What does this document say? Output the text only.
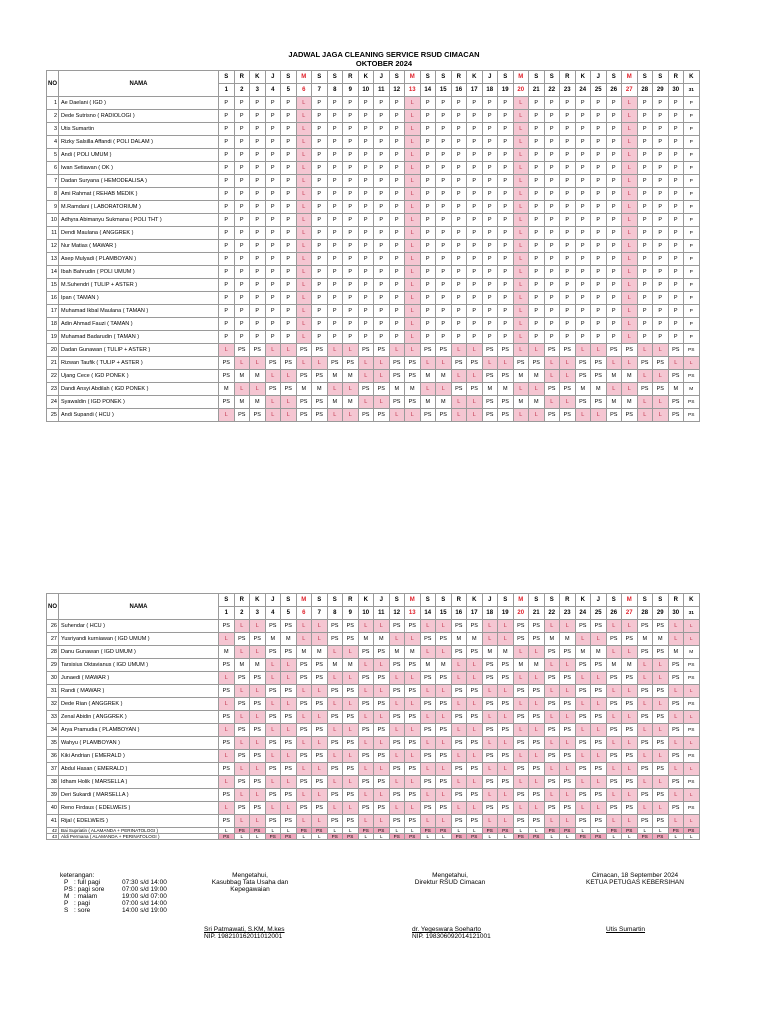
JADWAL JAGA CLEANING SERVICE RSUD CIMACAN
OKTOBER 2024
NO	NAMA	S	R	K	J	S	M	S	S	R	K	J	S	M	S	S	R	K	J	S	M	S	S	R	K	J	S	M	S	S	R	K
		1	2	3	4	5	6	7	8	9	10	11	12	13	14	15	16	17	18	19	20	21	22	23	24	25	26	27	28	29	30	31
1	Ae Daelani ( IGD )	P	P	P	P	P	L	P	P	P	P	P	P	L	P	P	P	P	P	P	L	P	P	P	P	P	P	L	P	P	P	P
2	Dede Sutrisno ( RADIOLOGI )	P	P	P	P	P	L	P	P	P	P	P	P	L	P	P	P	P	P	P	L	P	P	P	P	P	P	L	P	P	P	P
3	Utis Sumartin	P	P	P	P	P	L	P	P	P	P	P	P	L	P	P	P	P	P	P	L	P	P	P	P	P	P	L	P	P	P	P
4	Rizky Salsilla Affandi ( POLI DALAM )	P	P	P	P	P	L	P	P	P	P	P	P	L	P	P	P	P	P	P	L	P	P	P	P	P	P	L	P	P	P	P
5	Andi ( POLI UMUM )	P	P	P	P	P	L	P	P	P	P	P	P	L	P	P	P	P	P	P	L	P	P	P	P	P	P	L	P	P	P	P
6	Iwan Setiawan ( OK )	P	P	P	P	P	L	P	P	P	P	P	P	L	P	P	P	P	P	P	L	P	P	P	P	P	P	L	P	P	P	P
7	Dadan Suryana ( HEMODEALISA )	P	P	P	P	P	L	P	P	P	P	P	P	L	P	P	P	P	P	P	L	P	P	P	P	P	P	L	P	P	P	P
8	Ami Rahmat ( REHAB MEDIK )	P	P	P	P	P	L	P	P	P	P	P	P	L	P	P	P	P	P	P	L	P	P	P	P	P	P	L	P	P	P	P
9	M.Ramdani ( LABORATORIUM )	P	P	P	P	P	L	P	P	P	P	P	P	L	P	P	P	P	P	P	L	P	P	P	P	P	P	L	P	P	P	P
10	Adhyra Abimanyu Sukmana ( POLI THT )	P	P	P	P	P	L	P	P	P	P	P	P	L	P	P	P	P	P	P	L	P	P	P	P	P	P	L	P	P	P	P
11	Dendi Maulana ( ANGGREK )	P	P	P	P	P	L	P	P	P	P	P	P	L	P	P	P	P	P	P	L	P	P	P	P	P	P	L	P	P	P	P
12	Nur Matias ( MAWAR )	P	P	P	P	P	L	P	P	P	P	P	P	L	P	P	P	P	P	P	L	P	P	P	P	P	P	L	P	P	P	P
13	Asep Mulyadi ( PLAMBOYAN )	P	P	P	P	P	L	P	P	P	P	P	P	L	P	P	P	P	P	P	L	P	P	P	P	P	P	L	P	P	P	P
14	Ibah Bahrudin ( POLI UMUM )	P	P	P	P	P	L	P	P	P	P	P	P	L	P	P	P	P	P	P	L	P	P	P	P	P	P	L	P	P	P	P
15	M.Suhendri ( TULIP + ASTER )	P	P	P	P	P	L	P	P	P	P	P	P	L	P	P	P	P	P	P	L	P	P	P	P	P	P	L	P	P	P	P
16	Ipan ( TAMAN )	P	P	P	P	P	L	P	P	P	P	P	P	L	P	P	P	P	P	P	L	P	P	P	P	P	P	L	P	P	P	P
17	Muhamad Ikbal Maulana ( TAMAN )	P	P	P	P	P	L	P	P	P	P	P	P	L	P	P	P	P	P	P	L	P	P	P	P	P	P	L	P	P	P	P
18	Adin Ahmad Fauzi ( TAMAN )	P	P	P	P	P	L	P	P	P	P	P	P	L	P	P	P	P	P	P	L	P	P	P	P	P	P	L	P	P	P	P
19	Muhamad Badarudin ( TAMAN )	P	P	P	P	P	L	P	P	P	P	P	P	L	P	P	P	P	P	P	L	P	P	P	P	P	P	L	P	P	P	P
20	Dadan Gunawan ( TULIP + ASTER )	L	PS	PS	L	L	PS	PS	L	L	PS	PS	L	L	PS	PS	L	L	PS	PS	L	L	PS	PS	L	L	PS	PS	L	L	PS	PS
21	Rizwan Taufik ( TULIP + ASTER )	PS	L	L	PS	PS	L	L	PS	PS	L	L	PS	PS	L	L	PS	PS	L	L	PS	PS	L	L	PS	PS	L	L	PS	PS	L	L
22	Ujang Cece ( IGD PONEK )	PS	M	M	L	L	PS	PS	M	M	L	L	PS	PS	M	M	L	L	PS	PS	M	M	L	L	PS	PS	M	M	L	L	PS	PS
23	Dandi Ansyi Abdilah ( IGD PONEK )	M	L	L	PS	PS	M	M	L	L	PS	PS	M	M	L	L	PS	PS	M	M	L	L	PS	PS	M	M	L	L	PS	PS	M	M
24	Syawaldin ( IGD PONEK )	PS	M	M	L	L	PS	PS	M	M	L	L	PS	PS	M	M	L	L	PS	PS	M	M	L	L	PS	PS	M	M	L	L	PS	PS
25	Andi Supandi ( HCU )	L	PS	PS	L	L	PS	PS	L	L	PS	PS	L	L	PS	PS	L	L	PS	PS	L	L	PS	PS	L	L	PS	PS	L	L	PS	PS
NO	NAMA	S	R	K	J	S	M	S	S	R	K	J	S	M	S	S	R	K	J	S	M	S	S	R	K	J	S	M	S	S	R	K
		1	2	3	4	5	6	7	8	9	10	11	12	13	14	15	16	17	18	19	20	21	22	23	24	25	26	27	28	29	30	31
26	Suhendar ( HCU )	PS	L	L	PS	PS	L	L	PS	PS	L	L	PS	PS	L	L	PS	PS	L	L	PS	PS	L	L	PS	PS	L	L	PS	PS	L	L
27	Yusriyandi kurniawan ( IGD UMUM )	L	PS	PS	M	M	L	L	PS	PS	M	M	L	L	PS	PS	M	M	L	L	PS	PS	M	M	L	L	PS	PS	M	M	L	L
28	Danu Gunawan ( IGD UMUM )	M	L	L	PS	PS	M	M	L	L	PS	PS	M	M	L	L	PS	PS	M	M	L	L	PS	PS	M	M	L	L	PS	PS	M	M
29	Tarsisius Oktavianus ( IGD UMUM )	PS	M	M	L	L	PS	PS	M	M	L	L	PS	PS	M	M	L	L	PS	PS	M	M	L	L	PS	PS	M	M	L	L	PS	PS
30	Junaedi ( MAWAR )	L	PS	PS	L	L	PS	PS	L	L	PS	PS	L	L	PS	PS	L	L	PS	PS	L	L	PS	PS	L	L	PS	PS	L	L	PS	PS
31	Randi ( MAWAR )	PS	L	L	PS	PS	L	L	PS	PS	L	L	PS	PS	L	L	PS	PS	L	L	PS	PS	L	L	PS	PS	L	L	PS	PS	L	L
32	Dede Rian ( ANGGREK )	L	PS	PS	L	L	PS	PS	L	L	PS	PS	L	L	PS	PS	L	L	PS	PS	L	L	PS	PS	L	L	PS	PS	L	L	PS	PS
33	Zenal Abidin ( ANGGREK )	PS	L	L	PS	PS	L	L	PS	PS	L	L	PS	PS	L	L	PS	PS	L	L	PS	PS	L	L	PS	PS	L	L	PS	PS	L	L
34	Arya Pramudia ( PLAMBOYAN )	L	PS	PS	L	L	PS	PS	L	L	PS	PS	L	L	PS	PS	L	L	PS	PS	L	L	PS	PS	L	L	PS	PS	L	L	PS	PS
35	Wahyu ( PLAMBOYAN )	PS	L	L	PS	PS	L	L	PS	PS	L	L	PS	PS	L	L	PS	PS	L	L	PS	PS	L	L	PS	PS	L	L	PS	PS	L	L
36	Kiki Andrian ( EMERALD )	L	PS	PS	L	L	PS	PS	L	L	PS	PS	L	L	PS	PS	L	L	PS	PS	L	L	PS	PS	L	L	PS	PS	L	L	PS	PS
37	Abdul Hasan ( EMERALD )	PS	L	L	PS	PS	L	L	PS	PS	L	L	PS	PS	L	L	PS	PS	L	L	PS	PS	L	L	PS	PS	L	L	PS	PS	L	L
38	Idham Holik ( MARSELLA )	L	PS	PS	L	L	PS	PS	L	L	PS	PS	L	L	PS	PS	L	L	PS	PS	L	L	PS	PS	L	L	PS	PS	L	L	PS	PS
39	Deri Sukardi ( MARSELLA )	PS	L	L	PS	PS	L	L	PS	PS	L	L	PS	PS	L	L	PS	PS	L	L	PS	PS	L	L	PS	PS	L	L	PS	PS	L	L
40	Reno Firdaus ( EDELWEIS )	L	PS	PS	L	L	PS	PS	L	L	PS	PS	L	L	PS	PS	L	L	PS	PS	L	L	PS	PS	L	L	PS	PS	L	L	PS	PS
41	Rijal ( EDELWEIS )	PS	L	L	PS	PS	L	L	PS	PS	L	L	PS	PS	L	L	PS	PS	L	L	PS	PS	L	L	PS	PS	L	L	PS	PS	L	L
42	Bai Supriatin ( ALAMANDA + PERINATOLOGI )	L	PS	PS	L	L	PS	PS	L	L	PS	PS	L	L	PS	PS	L	L	PS	PS	L	L	PS	PS	L	L	PS	PS	L	L	PS	PS
43	Aldi Permana ( ALAMANDA + PERINATOLOGI )	PS	L	L	PS	PS	L	L	PS	PS	L	L	PS	PS	L	L	PS	PS	L	L	PS	PS	L	L	PS	PS	L	L	PS	PS	L	L
keterangan:
P : full pagi	07:30 s/d 14:00
PS: pagi sore	07:00 s/d 19:00
M : malam	19:00 s/d 07:00
P : pagi	07:00 s/d 14:00
S : sore	14:00 s/d 19:00
Mengetahui,
Kasubbag Tata Usaha dan
Kepegawaian
Sri Patmawati, S.KM, M.kes
NIP. 198210162011012001
Mengetahui,
Direktur RSUD Cimacan
dr. Yegeswara Soeharto
NIP. 198306092014121001
Cimacan, 18 September 2024
KETUA PETUGAS KEBERSIHAN
Utis Sumartin
